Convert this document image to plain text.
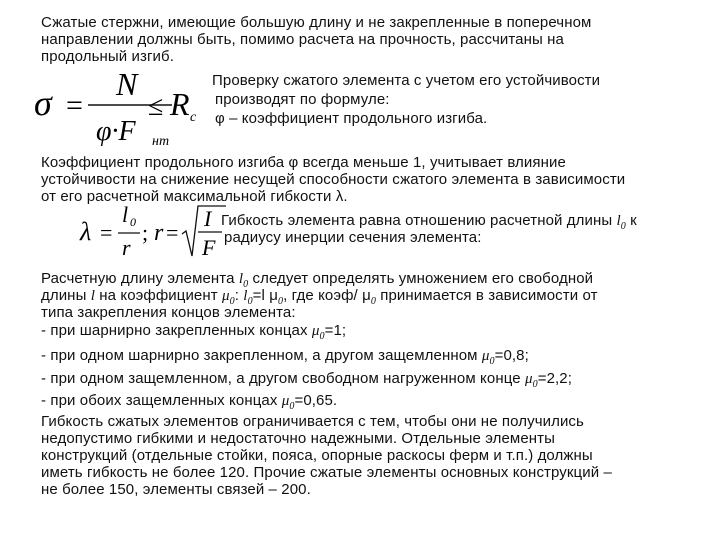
Сжатые стержни, имеющие большую длину и не закрепленные в поперечном
направлении должны быть, помимо расчета на прочность, рассчитаны на
продольный изгиб.
σ =
N
φ·F нт
≤ R c
Проверку сжатого элемента с учетом его устойчивости
производят по формуле:
φ – коэффициент продольного изгиба.
Коэффициент продольного изгиба φ всегда меньше 1, учитывает влияние
устойчивости на снижение несущей способности сжатого элемента в зависимости
от его расчетной максимальной гибкости λ.
λ =
l 0
r
; r =
I
F
Гибкость элемента равна отношению расчетной длины $l_0$ к
радиусу инерции сечения элемента:
Расчетную длину элемента $l_0$ следует определять умножением его свободной
длины l на коэффициент $\mu_0$: $l_0=l$ $\mu_0$, где коэф/ $\mu_0$ принимается в зависимости от
типа закрепления концов элемента:
- при шарнирно закрепленных концах $\mu_0=1$;
- при одном шарнирно закрепленном, а другом защемленном $\mu_0=0,8$;
- при одном защемленном, а другом свободном нагруженном конце $\mu_0=2,2$;
- при обоих защемленных концах $\mu_0=0,65$.
Гибкость сжатых элементов ограничивается с тем, чтобы они не получились
недопустимо гибкими и недостаточно надежными. Отдельные элементы
конструкций (отдельные стойки, пояса, опорные раскосы ферм и т.п.) должны
иметь гибкость не более 120. Прочие сжатые элементы основных конструкций –
не более 150, элементы связей – 200.
